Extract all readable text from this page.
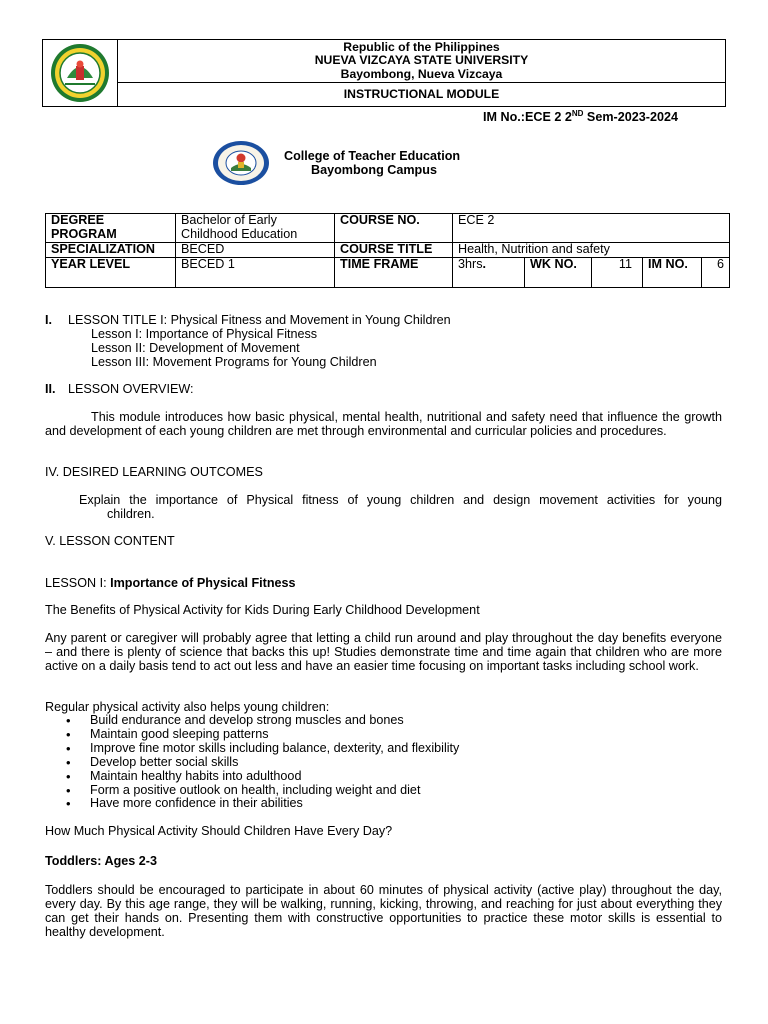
Republic of the Philippines
NUEVA VIZCAYA STATE UNIVERSITY
Bayombong, Nueva Vizcaya
INSTRUCTIONAL MODULE
IM No.:ECE 2 2ND Sem-2023-2024
College of Teacher Education
Bayombong Campus
DEGREE PROGRAM	Bachelor of Early Childhood Education	COURSE NO.	ECE 2				
SPECIALIZATION	BECED	COURSE TITLE	Health, Nutrition and safety				
YEAR LEVEL	BECED 1	TIME FRAME	3hrs.	WK NO.	11	IM NO.	6
I. LESSON TITLE I: Physical Fitness and Movement in Young Children
Lesson I: Importance of Physical Fitness
Lesson II: Development of Movement
Lesson III: Movement Programs for Young Children
II. LESSON OVERVIEW:
This module introduces how basic physical, mental health, nutritional and safety need that influence the growth and development of each young children are met through environmental and curricular policies and procedures.
IV. DESIRED LEARNING OUTCOMES
Explain the importance of Physical fitness of young children and design movement activities for young
children.
V. LESSON CONTENT
LESSON I: Importance of Physical Fitness
The Benefits of Physical Activity for Kids During Early Childhood Development
Any parent or caregiver will probably agree that letting a child run around and play throughout the day benefits everyone – and there is plenty of science that backs this up! Studies demonstrate time and time again that children who are more active on a daily basis tend to act out less and have an easier time focusing on important tasks including school work.
Regular physical activity also helps young children:
• Build endurance and develop strong muscles and bones
• Maintain good sleeping patterns
• Improve fine motor skills including balance, dexterity, and flexibility
• Develop better social skills
• Maintain healthy habits into adulthood
• Form a positive outlook on health, including weight and diet
• Have more confidence in their abilities
How Much Physical Activity Should Children Have Every Day?
Toddlers: Ages 2-3
Toddlers should be encouraged to participate in about 60 minutes of physical activity (active play) throughout the day, every day. By this age range, they will be walking, running, kicking, throwing, and reaching for just about everything they can get their hands on. Presenting them with constructive opportunities to practice these motor skills is essential to healthy development.
